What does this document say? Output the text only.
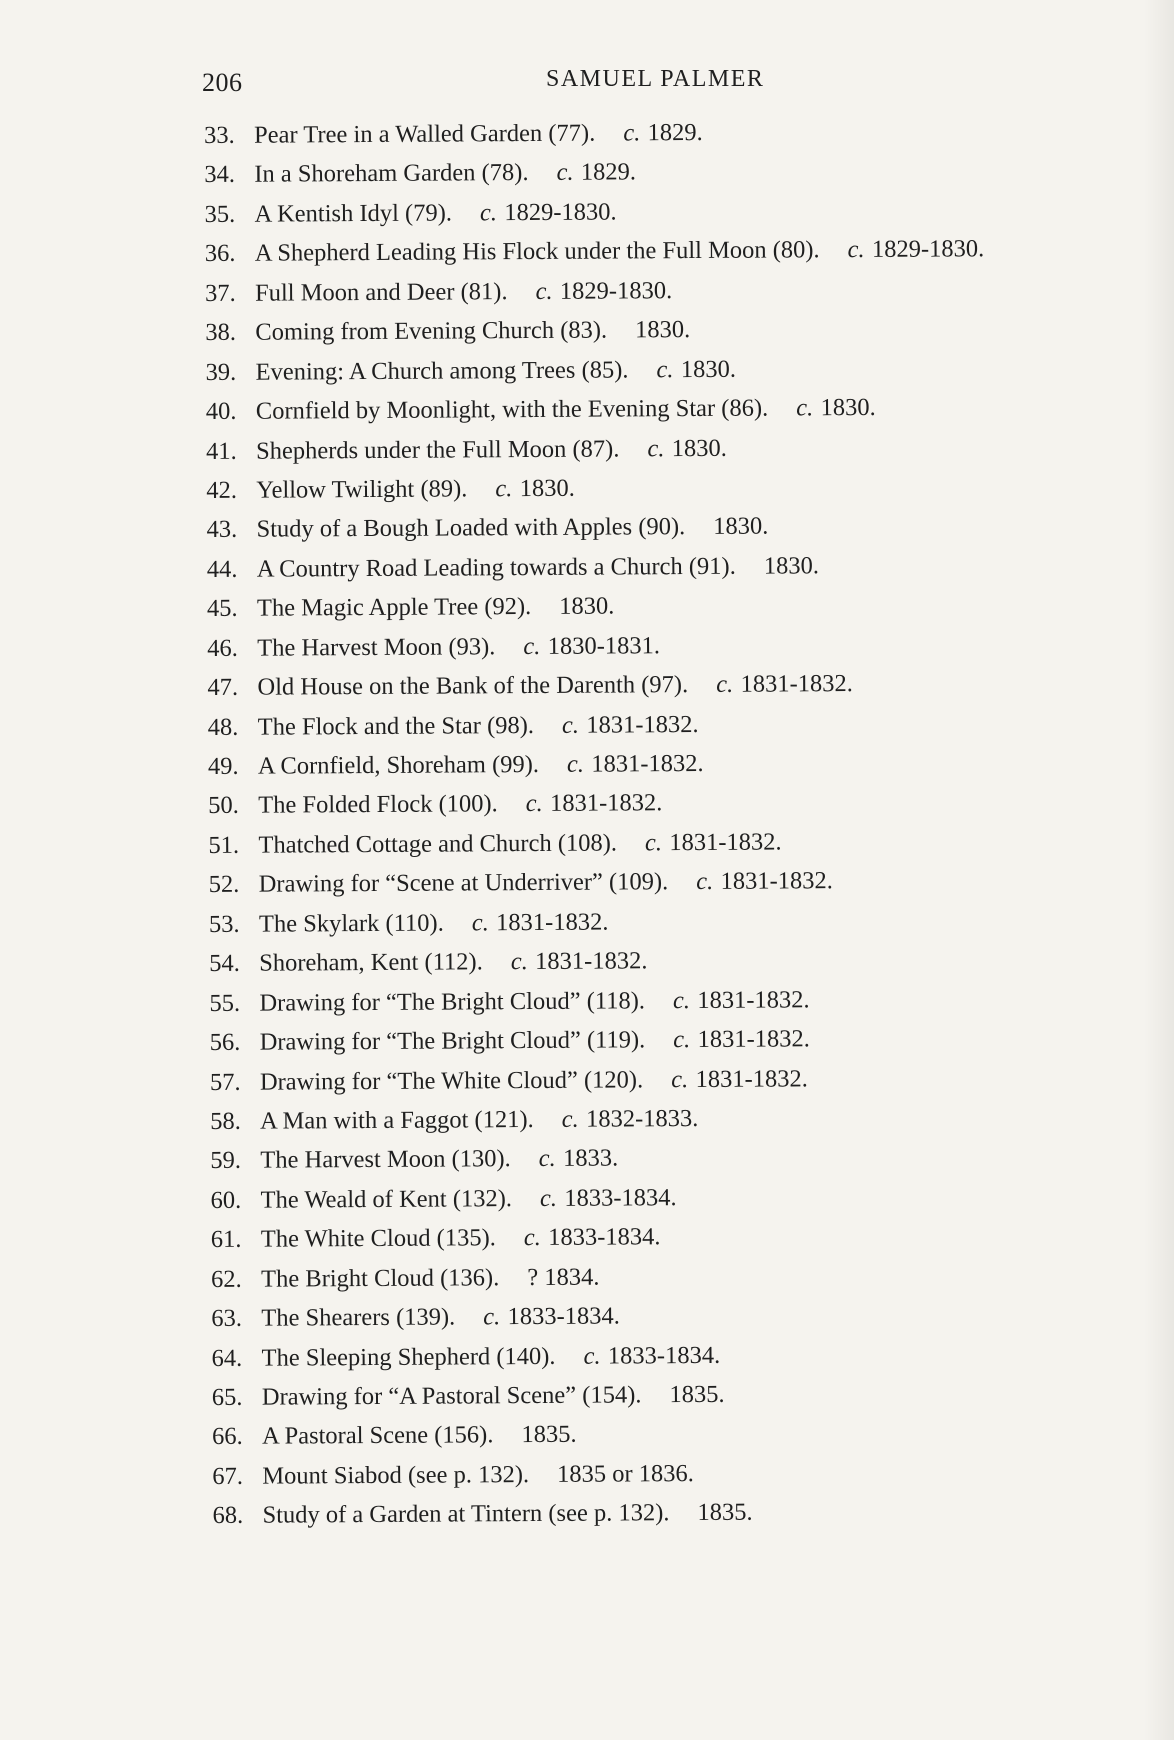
206	SAMUEL PALMER
33. Pear Tree in a Walled Garden (77). c. 1829.
34. In a Shoreham Garden (78). c. 1829.
35. A Kentish Idyl (79). c. 1829-1830.
36. A Shepherd Leading His Flock under the Full Moon (80). c. 1829-1830.
37. Full Moon and Deer (81). c. 1829-1830.
38. Coming from Evening Church (83). 1830.
39. Evening: A Church among Trees (85). c. 1830.
40. Cornfield by Moonlight, with the Evening Star (86). c. 1830.
41. Shepherds under the Full Moon (87). c. 1830.
42. Yellow Twilight (89). c. 1830.
43. Study of a Bough Loaded with Apples (90). 1830.
44. A Country Road Leading towards a Church (91). 1830.
45. The Magic Apple Tree (92). 1830.
46. The Harvest Moon (93). c. 1830-1831.
47. Old House on the Bank of the Darenth (97). c. 1831-1832.
48. The Flock and the Star (98). c. 1831-1832.
49. A Cornfield, Shoreham (99). c. 1831-1832.
50. The Folded Flock (100). c. 1831-1832.
51. Thatched Cottage and Church (108). c. 1831-1832.
52. Drawing for “Scene at Underriver” (109). c. 1831-1832.
53. The Skylark (110). c. 1831-1832.
54. Shoreham, Kent (112). c. 1831-1832.
55. Drawing for “The Bright Cloud” (118). c. 1831-1832.
56. Drawing for “The Bright Cloud” (119). c. 1831-1832.
57. Drawing for “The White Cloud” (120). c. 1831-1832.
58. A Man with a Faggot (121). c. 1832-1833.
59. The Harvest Moon (130). c. 1833.
60. The Weald of Kent (132). c. 1833-1834.
61. The White Cloud (135). c. 1833-1834.
62. The Bright Cloud (136). ? 1834.
63. The Shearers (139). c. 1833-1834.
64. The Sleeping Shepherd (140). c. 1833-1834.
65. Drawing for “A Pastoral Scene” (154). 1835.
66. A Pastoral Scene (156). 1835.
67. Mount Siabod (see p. 132). 1835 or 1836.
68. Study of a Garden at Tintern (see p. 132). 1835.
